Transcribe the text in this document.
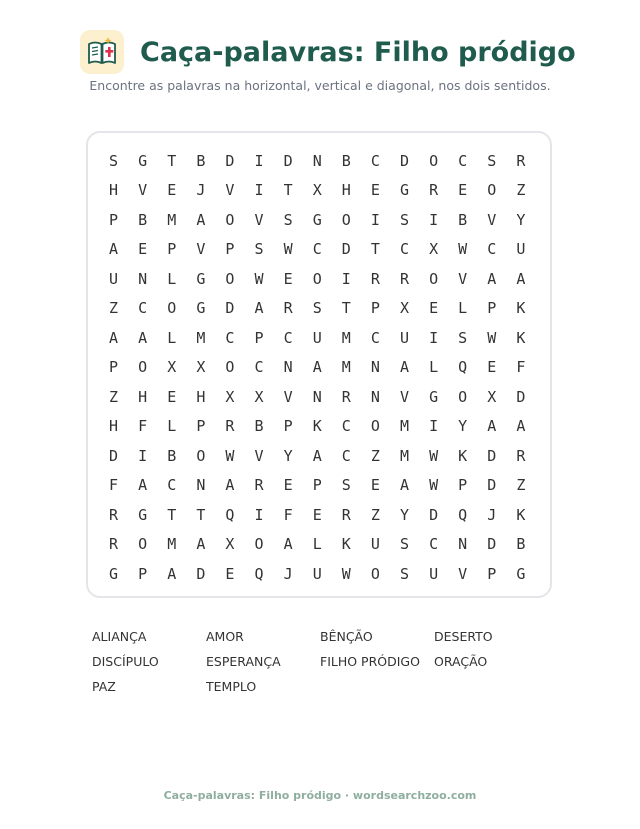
Caça-palavras: Filho pródigo
Encontre as palavras na horizontal, vertical e diagonal, nos dois sentidos.
S	G	T	B	D	I	D	N	B	C	D	O	C	S	R
H	V	E	J	V	I	T	X	H	E	G	R	E	O	Z
P	B	M	A	O	V	S	G	O	I	S	I	B	V	Y
A	E	P	V	P	S	W	C	D	T	C	X	W	C	U
U	N	L	G	O	W	E	O	I	R	R	O	V	A	A
Z	C	O	G	D	A	R	S	T	P	X	E	L	P	K
A	A	L	M	C	P	C	U	M	C	U	I	S	W	K
P	O	X	X	O	C	N	A	M	N	A	L	Q	E	F
Z	H	E	H	X	X	V	N	R	N	V	G	O	X	D
H	F	L	P	R	B	P	K	C	O	M	I	Y	A	A
D	I	B	O	W	V	Y	A	C	Z	M	W	K	D	R
F	A	C	N	A	R	E	P	S	E	A	W	P	D	Z
R	G	T	T	Q	I	F	E	R	Z	Y	D	Q	J	K
R	O	M	A	X	O	A	L	K	U	S	C	N	D	B
G	P	A	D	E	Q	J	U	W	O	S	U	V	P	G
ALIANÇA	AMOR	BÊNÇÃO	DESERTO
DISCÍPULO	ESPERANÇA	FILHO PRÓDIGO	ORAÇÃO
PAZ	TEMPLO
Caça-palavras: Filho pródigo · wordsearchzoo.com
